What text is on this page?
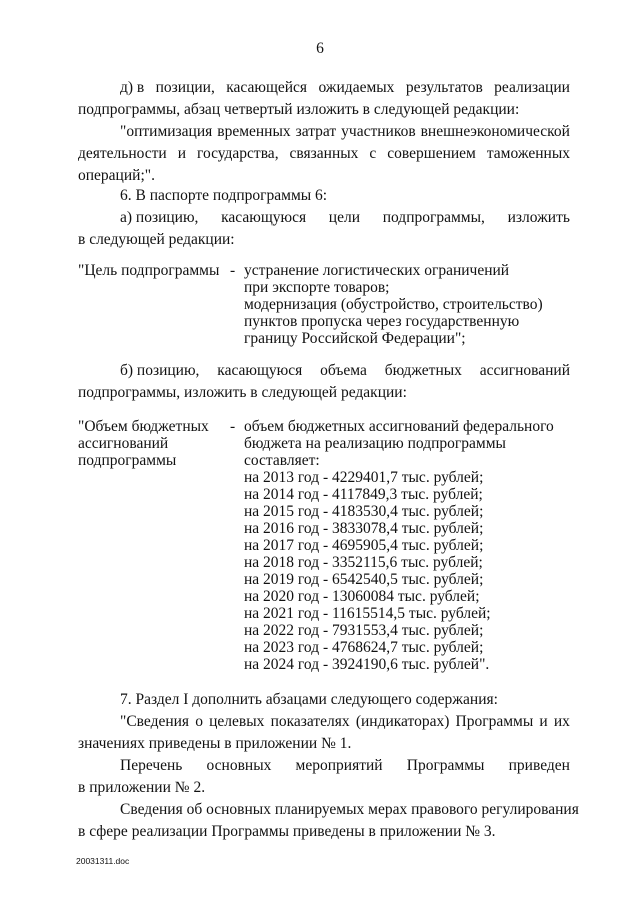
6
д) в позиции, касающейся ожидаемых результатов реализации
подпрограммы, абзац четвертый изложить в следующей редакции:
"оптимизация временных затрат участников внешнеэкономической
деятельности и государства, связанных с совершением таможенных
операций;".
6. В паспорте подпрограммы 6:
а) позицию, касающуюся цели подпрограммы, изложить
в следующей редакции:
"Цель подпрограммы - устранение логистических ограничений
при экспорте товаров;
модернизация (обустройство, строительство)
пунктов пропуска через государственную
границу Российской Федерации";
б) позицию, касающуюся объема бюджетных ассигнований
подпрограммы, изложить в следующей редакции:
"Объем бюджетных
ассигнований
подпрограммы
- объем бюджетных ассигнований федерального
бюджета на реализацию подпрограммы
составляет:
на 2013 год - 4229401,7 тыс. рублей;
на 2014 год - 4117849,3 тыс. рублей;
на 2015 год - 4183530,4 тыс. рублей;
на 2016 год - 3833078,4 тыс. рублей;
на 2017 год - 4695905,4 тыс. рублей;
на 2018 год - 3352115,6 тыс. рублей;
на 2019 год - 6542540,5 тыс. рублей;
на 2020 год - 13060084 тыс. рублей;
на 2021 год - 11615514,5 тыс. рублей;
на 2022 год - 7931553,4 тыс. рублей;
на 2023 год - 4768624,7 тыс. рублей;
на 2024 год - 3924190,6 тыс. рублей".
7. Раздел I дополнить абзацами следующего содержания:
"Сведения о целевых показателях (индикаторах) Программы и их
значениях приведены в приложении № 1.
Перечень основных мероприятий Программы приведен
в приложении № 2.
Сведения об основных планируемых мерах правового регулирования
в сфере реализации Программы приведены в приложении № 3.
20031311.doc
